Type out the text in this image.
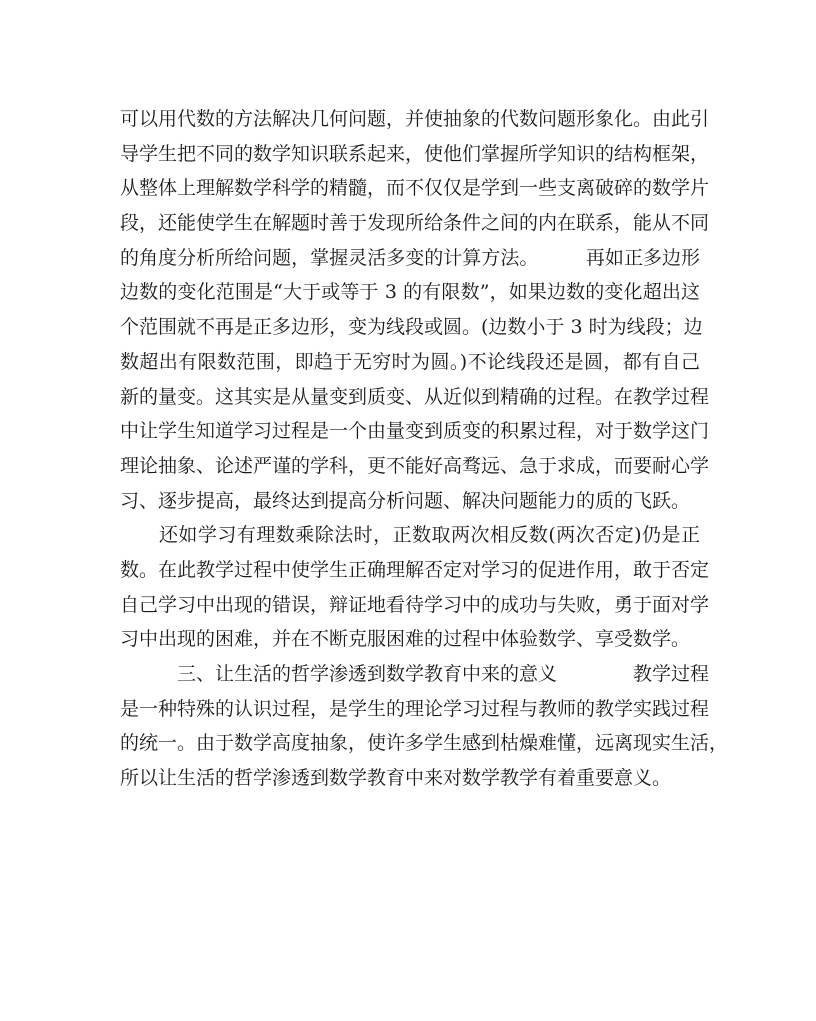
可以用代数的方法解决几何问题，并使抽象的代数问题形象化。由此引
导学生把不同的数学知识联系起来，使他们掌握所学知识的结构框架，
从整体上理解数学科学的精髓，而不仅仅是学到一些支离破碎的数学片
段，还能使学生在解题时善于发现所给条件之间的内在联系，能从不同
的角度分析所给问题，掌握灵活多变的计算方法。　　　再如正多边形
边数的变化范围是“大于或等于 3 的有限数”，如果边数的变化超出这
个范围就不再是正多边形，变为线段或圆。(边数小于 3 时为线段；边
数超出有限数范围，即趋于无穷时为圆。)不论线段还是圆，都有自己
新的量变。这其实是从量变到质变、从近似到精确的过程。在教学过程
中让学生知道学习过程是一个由量变到质变的积累过程，对于数学这门
理论抽象、论述严谨的学科，更不能好高骛远、急于求成，而要耐心学
习、逐步提高，最终达到提高分析问题、解决问题能力的质的飞跃。
　　还如学习有理数乘除法时，正数取两次相反数(两次否定)仍是正
数。在此教学过程中使学生正确理解否定对学习的促进作用，敢于否定
自己学习中出现的错误，辩证地看待学习中的成功与失败，勇于面对学
习中出现的困难，并在不断克服困难的过程中体验数学、享受数学。
　　　三、让生活的哲学渗透到数学教育中来的意义　　　　教学过程
是一种特殊的认识过程，是学生的理论学习过程与教师的教学实践过程
的统一。由于数学高度抽象，使许多学生感到枯燥难懂，远离现实生活，
所以让生活的哲学渗透到数学教育中来对数学教学有着重要意义。
